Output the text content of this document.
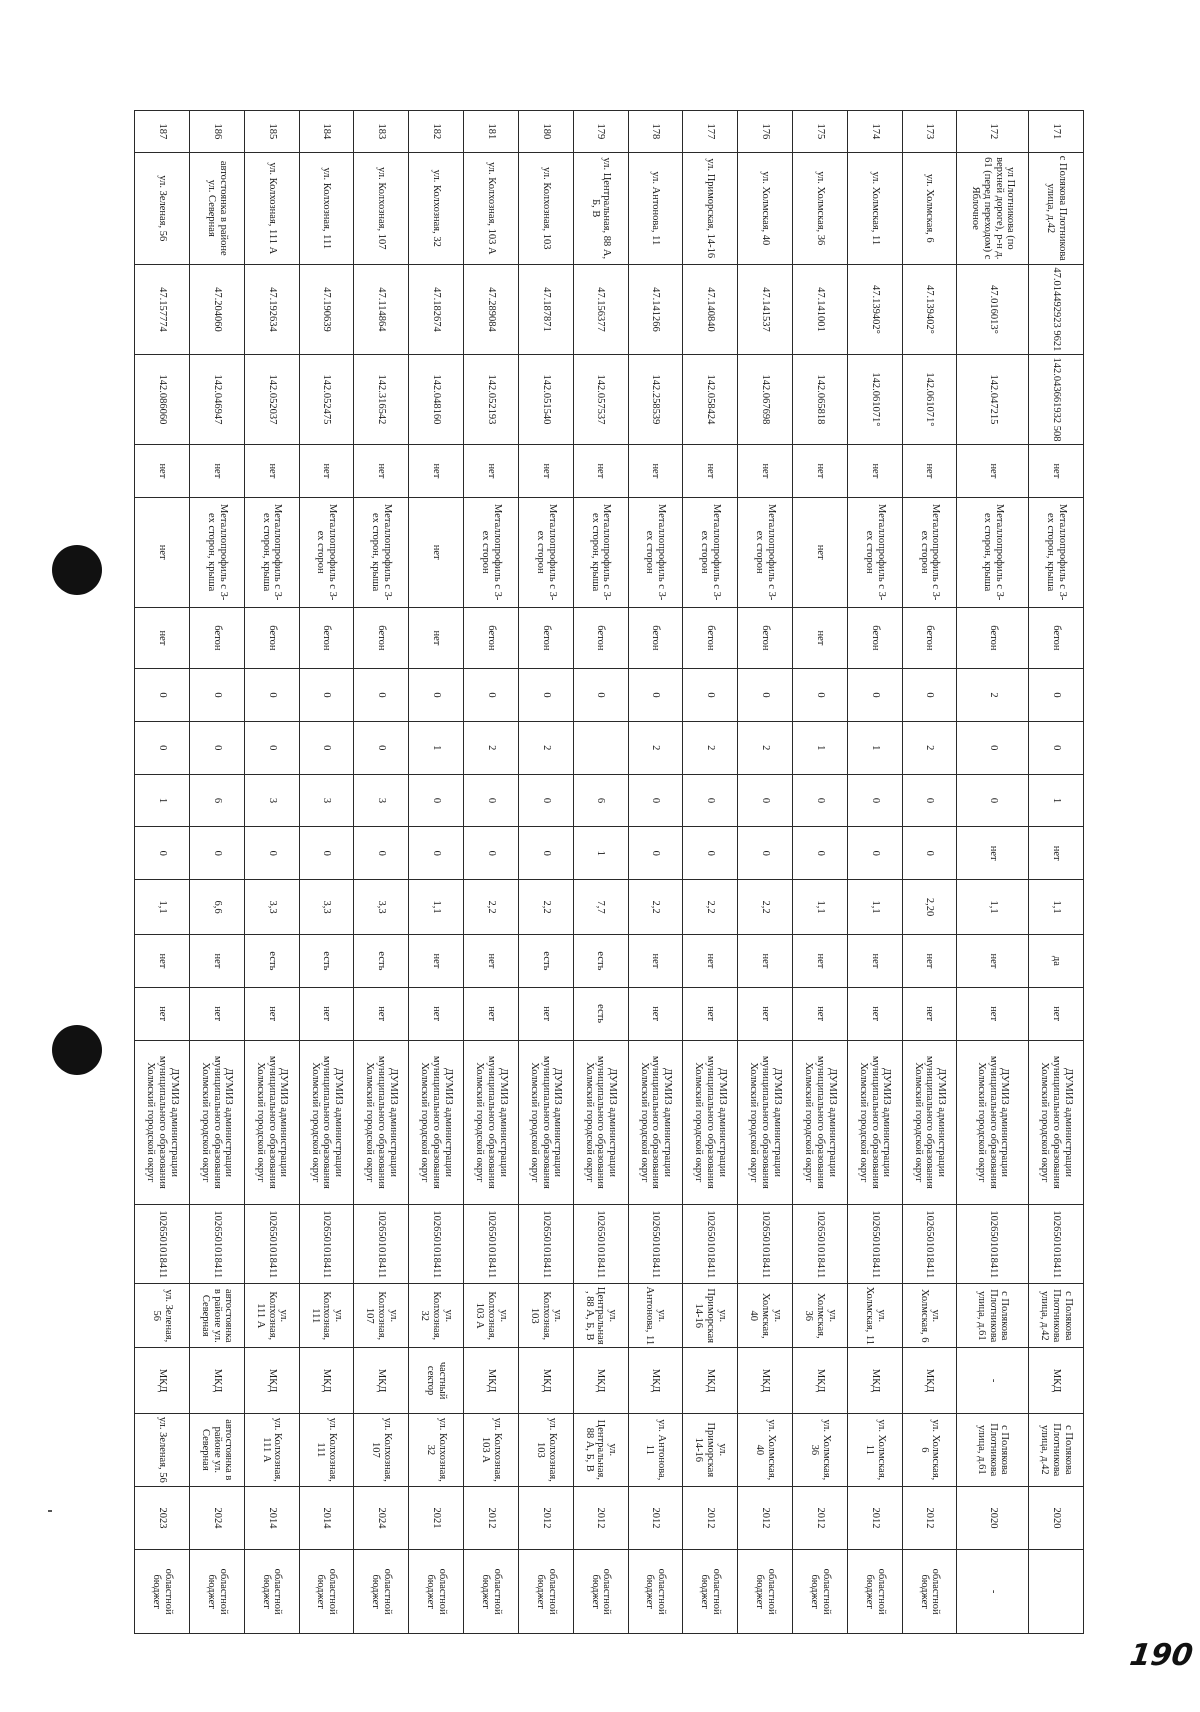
171	с Полякова Плотникова улица, д.42	47.014492923 9621	142.043661932 508	нет	Металлопрофиль с 3-ех сторон, крыша	бетон	0	0	1	нет	1,1	да	нет	ДУМИЗ администрации муниципального образования Холмский городской округ	1026501018411	с Полякова Плотникова улица, д.42	МКД	с Полякова Плотникова улица, д.42	2020	
172	ул Плотникова (по верхней дороге), р-н д. 61 (перед переходом) с Яблочное	47.016013°	142.047215	нет	Металлопрофиль с 3-ех сторон, крыша	бетон	2	0	0	нет	1,1	нет	нет	ДУМИЗ администрации муниципального образования Холмский городской округ	1026501018411	с Полякова Плотникова улица, д.61	-	с Полякова Плотникова улица, д.61	2020	-
173	ул. Холмская, 6	47.139402°	142.061071°	нет	Металлопрофиль с 3-ех сторон	бетон	0	2	0	0	2,20	нет	нет	ДУМИЗ администрации муниципального образования Холмский городской округ	1026501018411	ул. Холмская, 6	МКД	ул. Холмская, 6	2012	областной бюджет
174	ул. Холмская, 11	47.139402°	142.061071°	нет	Металлопрофиль с 3-ех сторон	бетон	0	1	0	0	1,1	нет	нет	ДУМИЗ администрации муниципального образования Холмский городской округ	1026501018411	ул. Холмская, 11	МКД	ул. Холмская, 11	2012	областной бюджет
175	ул. Холмская, 36	47.141001	142.065818	нет	нет	нет	0	1	0	0	1,1	нет	нет	ДУМИЗ администрации муниципального образования Холмский городской округ	1026501018411	ул. Холмская, 36	МКД	ул. Холмская, 36	2012	областной бюджет
176	ул. Холмская, 40	47.141537	142.067698	нет	Металлопрофиль с 3-ех сторон	бетон	0	2	0	0	2,2	нет	нет	ДУМИЗ администрации муниципального образования Холмский городской округ	1026501018411	ул. Холмская, 40	МКД	ул. Холмская, 40	2012	областной бюджет
177	ул. Приморская, 14-16	47.140840	142.058424	нет	Металлопрофиль с 3-ех сторон	бетон	0	2	0	0	2,2	нет	нет	ДУМИЗ администрации муниципального образования Холмский городской округ	1026501018411	ул. Приморская 14-16	МКД	ул. Приморская 14-16	2012	областной бюджет
178	ул. Антонова, 11	47.141266	142.258539	нет	Металлопрофиль с 3-ех сторон	бетон	0	2	0	0	2,2	нет	нет	ДУМИЗ администрации муниципального образования Холмский городской округ	1026501018411	ул. Антонова, 11	МКД	ул. Антонова, 11	2012	областной бюджет
179	ул. Центральная, 88 А, Б, В	47.156377	142.057537	нет	Металлопрофиль с 3-ех сторон, крыша	бетон	0		6	1	7,7	есть	есть	ДУМИЗ администрации муниципального образования Холмский городской округ	1026501018411	ул. Центральная, 88 А, Б, В	МКД	ул. Центральная, 88 А, Б, В	2012	областной бюджет
180	ул. Колхозная, 103	47.187871	142.051540	нет	Металлопрофиль с 3-ех сторон	бетон	0	2	0	0	2,2	есть	нет	ДУМИЗ администрации муниципального образования Холмский городской округ	1026501018411	ул. Колхозная, 103	МКД	ул. Колхозная, 103	2012	областной бюджет
181	ул. Колхозная, 103 А	47.289084	142.052193	нет	Металлопрофиль с 3-ех сторон	бетон	0	2	0	0	2,2	нет	нет	ДУМИЗ администрации муниципального образования Холмский городской округ	1026501018411	ул. Колхозная, 103 А	МКД	ул. Колхозная, 103 А	2012	областной бюджет
182	ул. Колхозная, 32	47.182674	142.048160	нет	нет	нет	0	1	0	0	1,1	нет	нет	ДУМИЗ администрации муниципального образования Холмский городской округ	1026501018411	ул. Колхозная, 32	частный сектор	ул. Колхозная, 32	2021	областной бюджет
183	ул. Колхозная, 107	47.114864	142.316542	нет	Металлопрофиль с 3-ех сторон, крыша	бетон	0	0	3	0	3,3	есть	нет	ДУМИЗ администрации муниципального образования Холмский городской округ	1026501018411	ул. Колхозная, 107	МКД	ул. Колхозная, 107	2024	областной бюджет
184	ул. Колхозная, 111	47.190639	142.052475	нет	Металлопрофиль с 3-ех сторон	бетон	0	0	3	0	3,3	есть	нет	ДУМИЗ администрации муниципального образования Холмский городской округ	1026501018411	ул. Колхозная, 111	МКД	ул. Колхозная, 111	2014	областной бюджет
185	ул. Колхозная, 111 А	47.192634	142.052037	нет	Металлопрофиль с 3-ех сторон, крыша	бетон	0	0	3	0	3,3	есть	нет	ДУМИЗ администрации муниципального образования Холмский городской округ	1026501018411	ул. Колхозная, 111 А	МКД	ул. Колхозная, 111 А	2014	областной бюджет
186	автостоянка в районе ул. Северная	47.204060	142.046947	нет	Металлопрофиль с 3-ех сторон, крыша	бетон	0	0	6	0	6,6	нет	нет	ДУМИЗ администрации муниципального образования Холмский городской округ	1026501018411	автостоянка в районе ул. Северная	МКД	автостоянка в районе ул. Северная	2024	областной бюджет
187	ул. Зеленая, 56	47.157774	142.086060	нет	нет	нет	0	0	1	0	1,1	нет	нет	ДУМИЗ администрации муниципального образования Холмский городской округ	1026501018411	ул. Зеленая, 56	МКД	ул. Зеленая, 56	2023	областной бюджет
190
